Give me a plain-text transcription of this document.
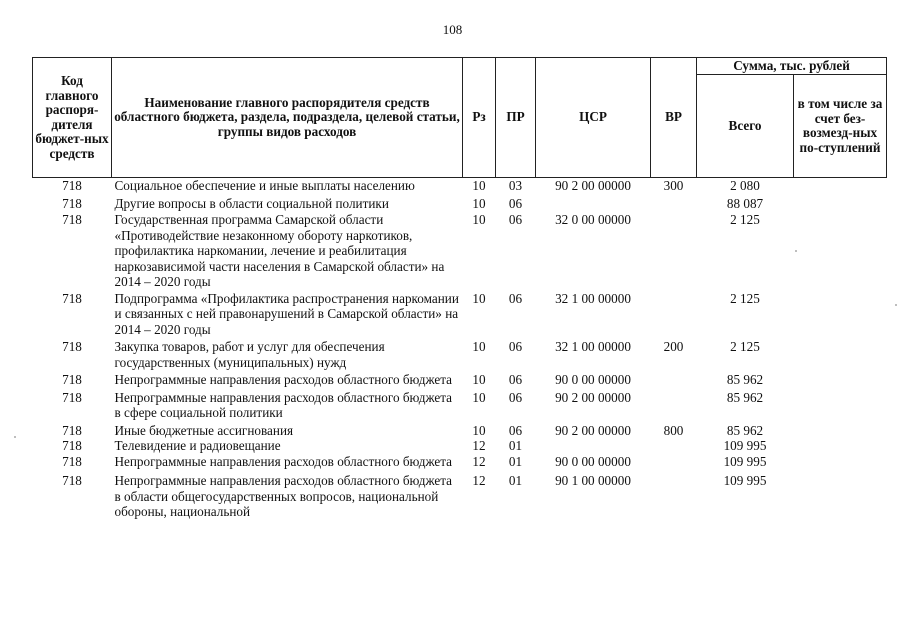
108
Код главного распоря-дителя бюджет-ных средств	Наименование главного распорядителя средств областного бюджета, раздела, подраздела, целевой статьи, группы видов расходов	Рз	ПР	ЦСР	ВР	Сумма, тыс. рублей	
						Всего	в том числе за счет без-возмезд-ных по-ступлений
718	Социальное обеспечение и иные выплаты населению	10	03	90 2 00 00000	300	2 080	
718	Другие вопросы в области социальной политики	10	06			88 087	
718	Государственная программа Самарской области «Противодействие незаконному обороту наркотиков, профилактика наркомании, лечение и реабилитация наркозависимой части населения в Самарской области» на 2014 – 2020 годы	10	06	32 0 00 00000		2 125	
718	Подпрограмма «Профилактика распространения наркомании и связанных с ней правонарушений в Самарской области» на 2014 – 2020 годы	10	06	32 1 00 00000		2 125	
718	Закупка товаров, работ и услуг для обеспечения государственных (муниципальных) нужд	10	06	32 1 00 00000	200	2 125	
718	Непрограммные направления расходов областного бюджета	10	06	90 0 00 00000		85 962	
718	Непрограммные направления расходов областного бюджета в сфере социальной политики	10	06	90 2 00 00000		85 962	
718	Иные бюджетные ассигнования	10	06	90 2 00 00000	800	85 962	
718	Телевидение и радиовещание	12	01			109 995	
718	Непрограммные направления расходов областного бюджета	12	01	90 0 00 00000		109 995	
718	Непрограммные направления расходов областного бюджета в области общегосударственных вопросов, национальной обороны, национальной	12	01	90 1 00 00000		109 995	
